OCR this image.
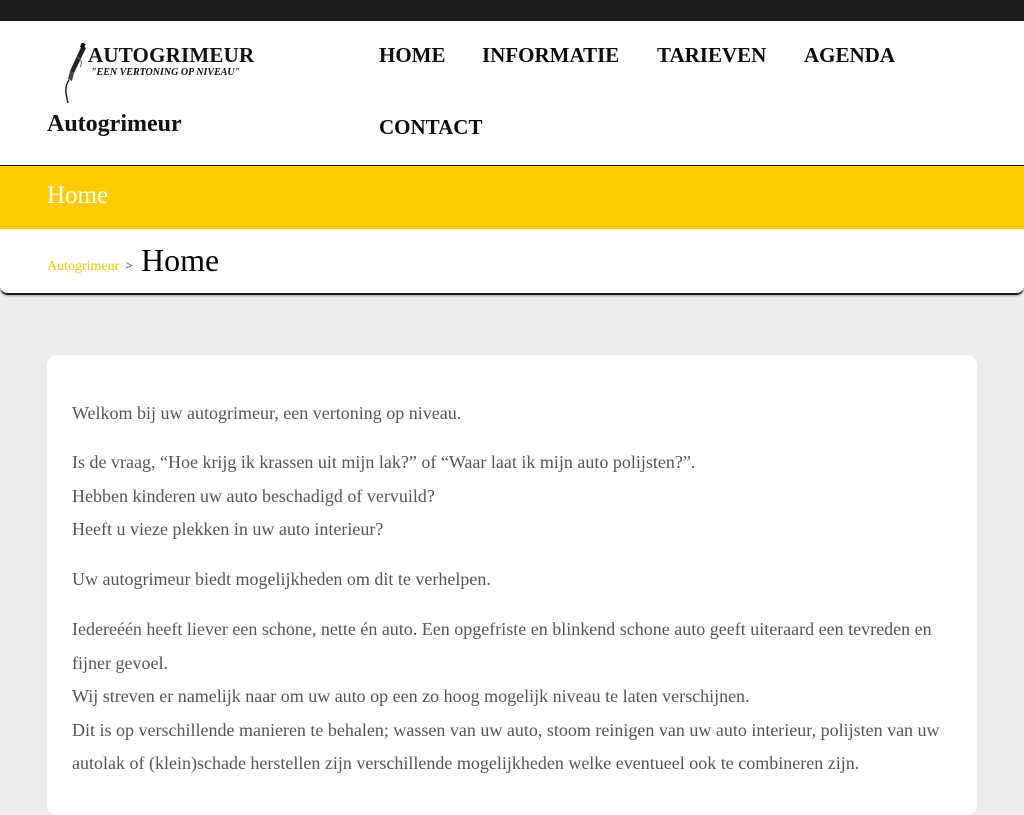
AUTOGRIMEUR
"EEN VERTONING OP NIVEAU"
Autogrimeur
HOME INFORMATIE TARIEVEN AGENDA
CONTACT
Home
Autogrimeur > Home
Welkom bij uw autogrimeur, een vertoning op niveau.
Is de vraag, “Hoe krijg ik krassen uit mijn lak?” of “Waar laat ik mijn auto polijsten?”.
Hebben kinderen uw auto beschadigd of vervuild?
Heeft u vieze plekken in uw auto interieur?
Uw autogrimeur biedt mogelijkheden om dit te verhelpen.
Iedereéén heeft liever een schone, nette én auto. Een opgefriste en blinkend schone auto geeft uiteraard een tevreden en fijner gevoel.
Wij streven er namelijk naar om uw auto op een zo hoog mogelijk niveau te laten verschijnen.
Dit is op verschillende manieren te behalen; wassen van uw auto, stoom reinigen van uw auto interieur, polijsten van uw autolak of (klein)schade herstellen zijn verschillende mogelijkheden welke eventueel ook te combineren zijn.
